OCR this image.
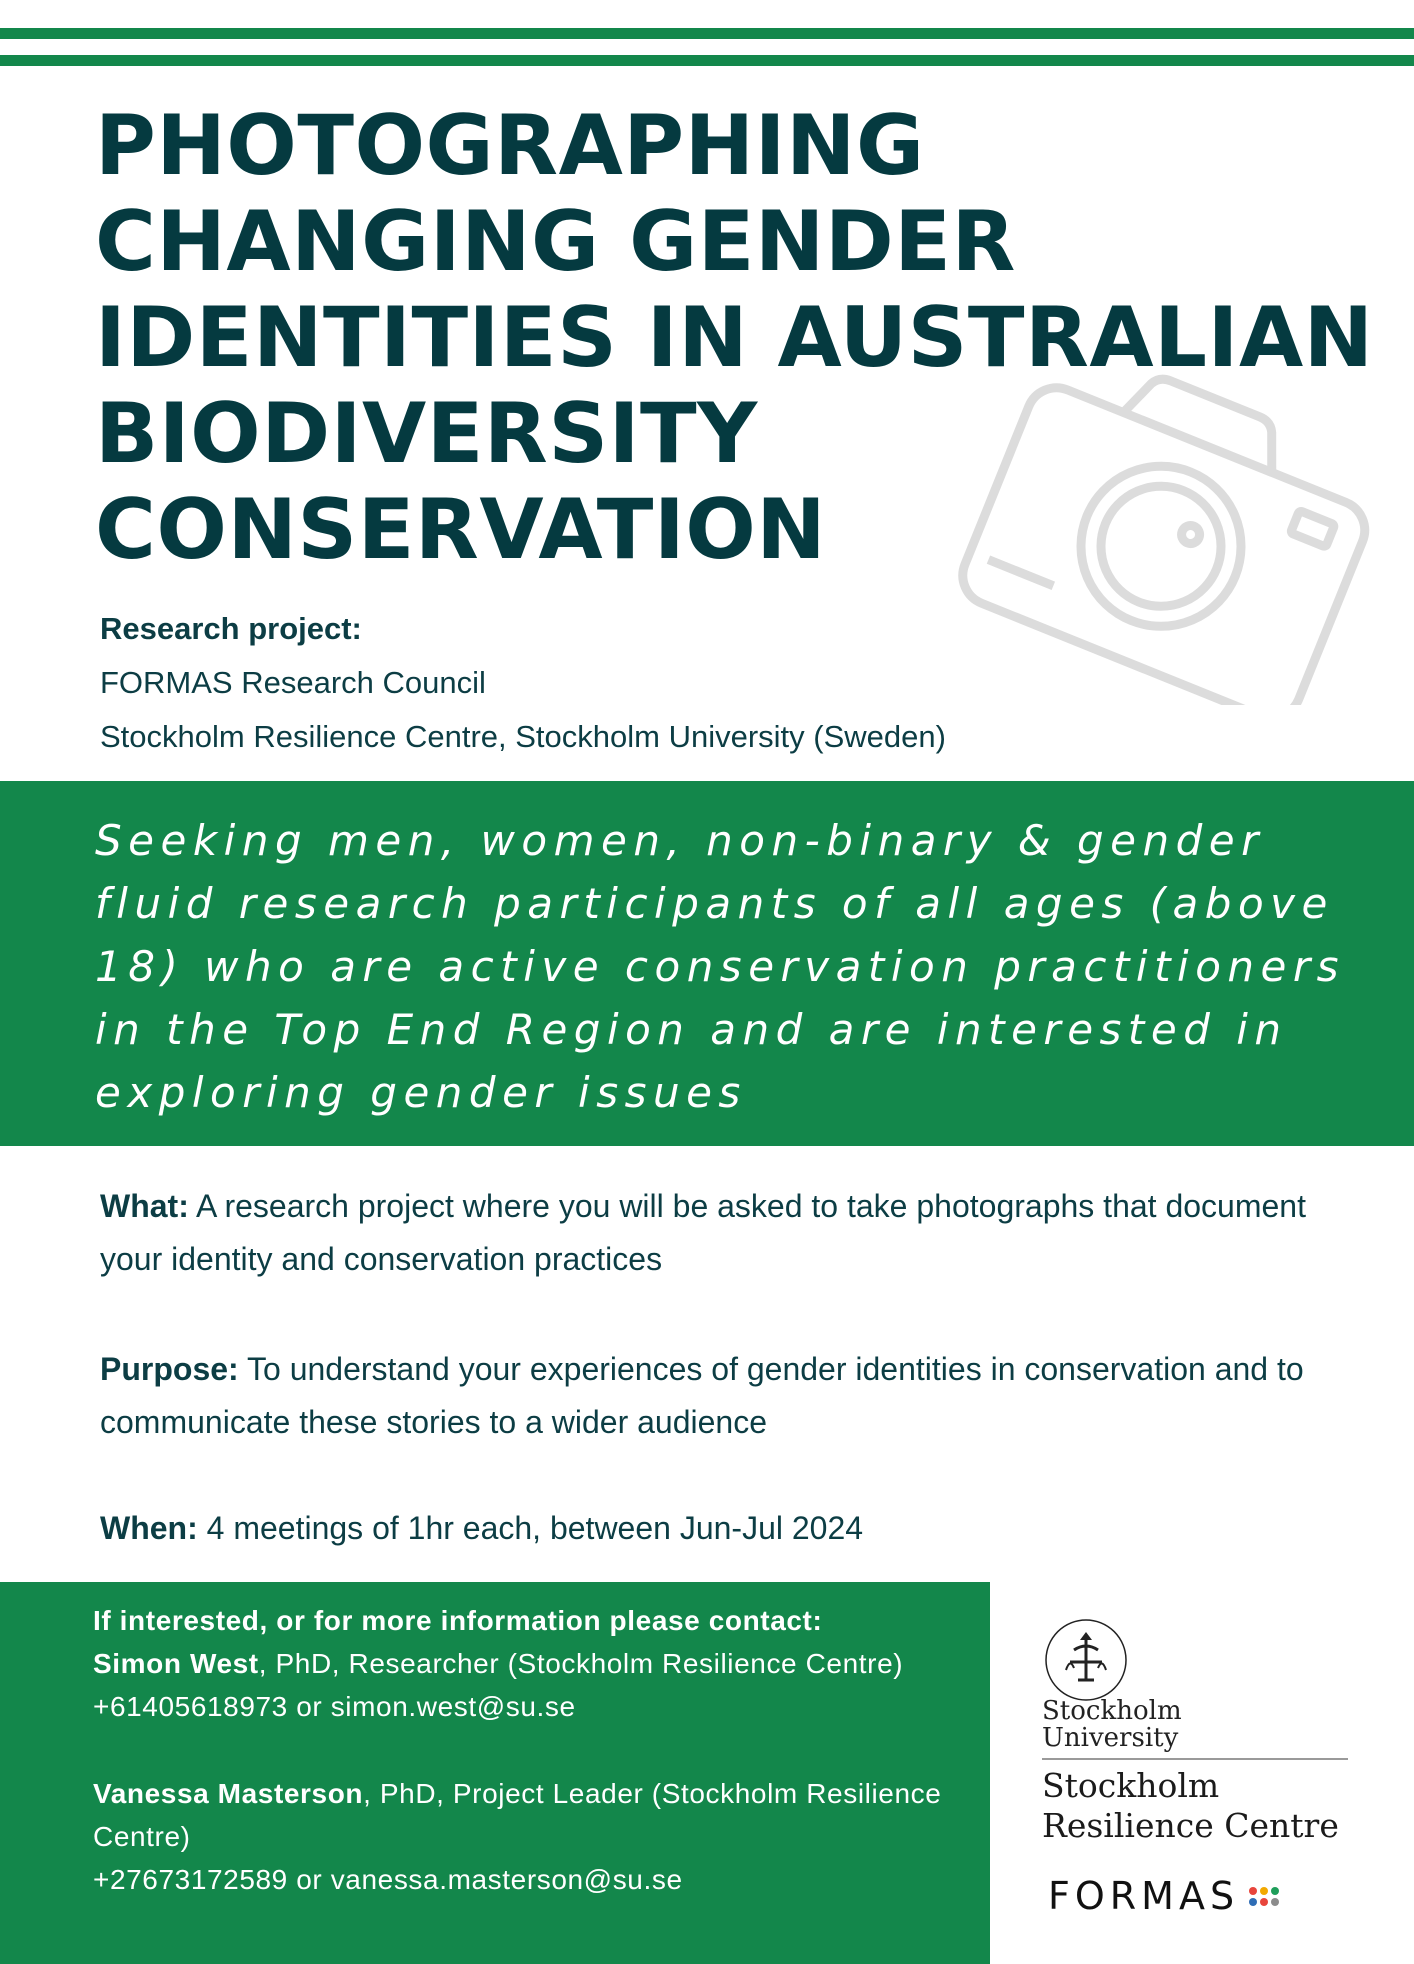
PHOTOGRAPHING
CHANGING GENDER
IDENTITIES IN AUSTRALIAN
BIODIVERSITY
CONSERVATION
Research project:
FORMAS Research Council
Stockholm Resilience Centre, Stockholm University (Sweden)

Seeking men, women, non-binary & gender fluid research participants of all ages (above 18) who are active conservation practitioners in the Top End Region and are interested in exploring gender issues

What: A research project where you will be asked to take photographs that document your identity and conservation practices
Purpose: To understand your experiences of gender identities in conservation and to communicate these stories to a wider audience
When: 4 meetings of 1hr each, between Jun-Jul 2024
If interested, or for more information please contact:
Simon West, PhD, Researcher (Stockholm Resilience Centre)
+61405618973 or simon.west@su.se
Vanessa Masterson, PhD, Project Leader (Stockholm Resilience Centre)
+27673172589 or vanessa.masterson@su.se
Stockholm
University
Stockholm
Resilience Centre
FORMAS
